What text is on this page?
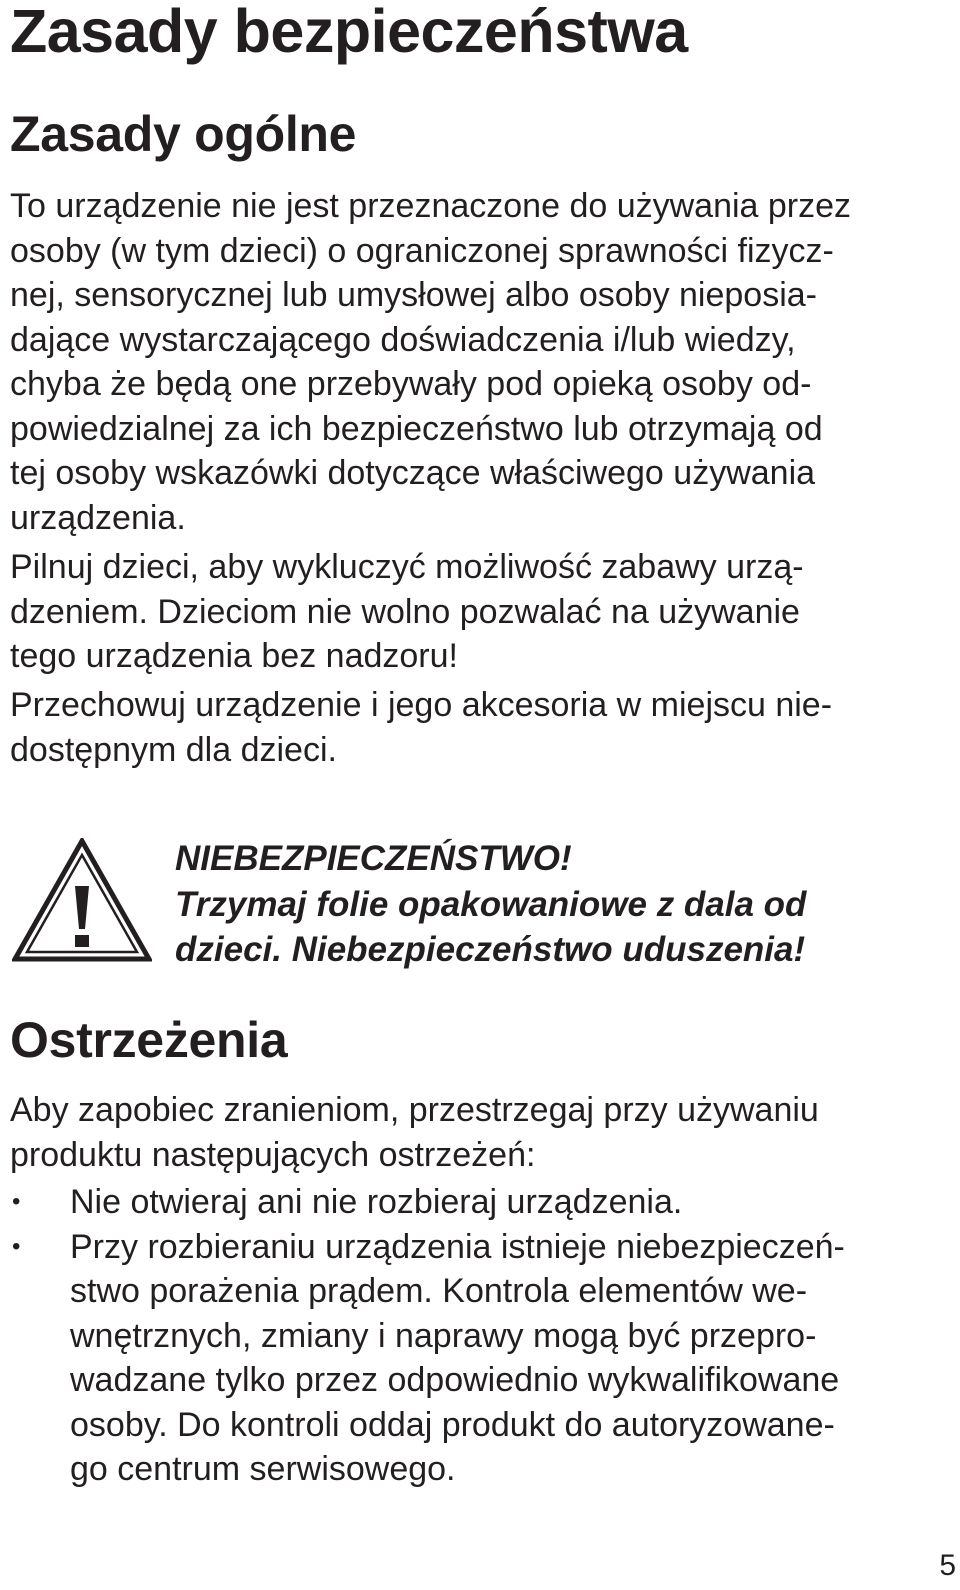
Zasady bezpieczeństwa
Zasady ogólne

To urządzenie nie jest przeznaczone do używania przez
osoby (w tym dzieci) o ograniczonej sprawności fizycz-
nej, sensorycznej lub umysłowej albo osoby nieposia-
dające wystarczającego doświadczenia i/lub wiedzy,
chyba że będą one przebywały pod opieką osoby od-
powiedzialnej za ich bezpieczeństwo lub otrzymają od
tej osoby wskazówki dotyczące właściwego używania
urządzenia.

Pilnuj dzieci, aby wykluczyć możliwość zabawy urzą-
dzeniem. Dzieciom nie wolno pozwalać na używanie
tego urządzenia bez nadzoru!

Przechowuj urządzenie i jego akcesoria w miejscu nie-
dostępnym dla dzieci.

NIEBEZPIECZEŃSTWO!
Trzymaj folie opakowaniowe z dala od
dzieci. Niebezpieczeństwo uduszenia!
Ostrzeżenia

Aby zapobiec zranieniom, przestrzegaj przy używaniu
produktu następujących ostrzeżeń:

• Nie otwieraj ani nie rozbieraj urządzenia.
• Przy rozbieraniu urządzenia istnieje niebezpieczeń-
stwo porażenia prądem. Kontrola elementów we-
wnętrznych, zmiany i naprawy mogą być przepro-
wadzane tylko przez odpowiednio wykwalifikowane
osoby. Do kontroli oddaj produkt do autoryzowane-
go centrum serwisowego.
5
